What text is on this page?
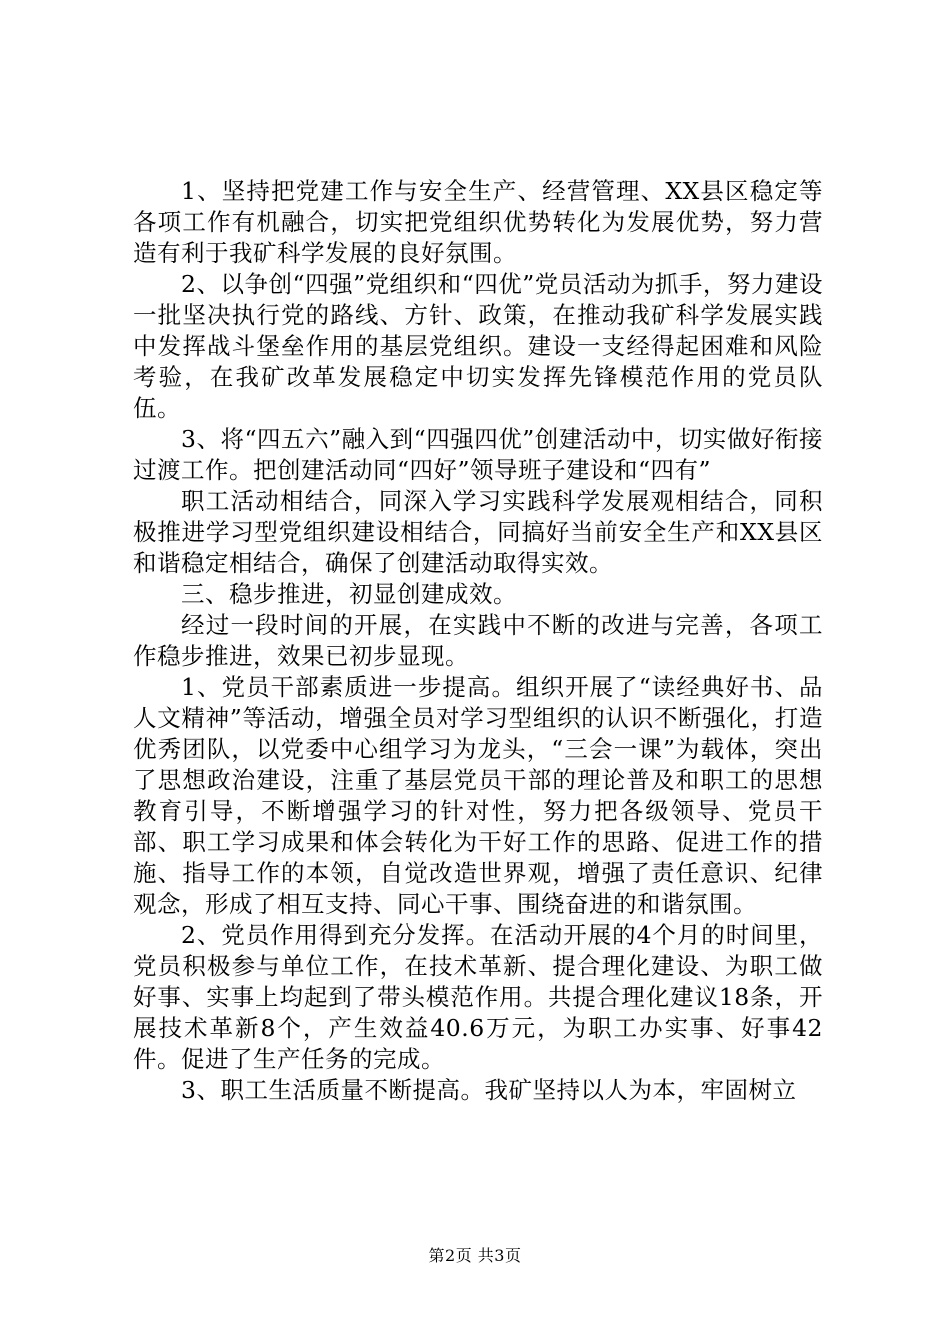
1、坚持把党建工作与安全生产、经营管理、XX县区稳定等各项工作有机融合，切实把党组织优势转化为发展优势，努力营造有利于我矿科学发展的良好氛围。

2、以争创“四强”党组织和“四优”党员活动为抓手，努力建设一批坚决执行党的路线、方针、政策，在推动我矿科学发展实践中发挥战斗堡垒作用的基层党组织。建设一支经得起困难和风险考验，在我矿改革发展稳定中切实发挥先锋模范作用的党员队伍。

3、将“四五六”融入到“四强四优”创建活动中，切实做好衔接过渡工作。把创建活动同“四好”领导班子建设和“四有”

职工活动相结合，同深入学习实践科学发展观相结合，同积极推进学习型党组织建设相结合，同搞好当前安全生产和XX县区和谐稳定相结合，确保了创建活动取得实效。

三、稳步推进，初显创建成效。

经过一段时间的开展，在实践中不断的改进与完善，各项工作稳步推进，效果已初步显现。

1、党员干部素质进一步提高。组织开展了“读经典好书、品人文精神”等活动，增强全员对学习型组织的认识不断强化，打造优秀团队，以党委中心组学习为龙头，“三会一课”为载体，突出了思想政治建设，注重了基层党员干部的理论普及和职工的思想教育引导，不断增强学习的针对性，努力把各级领导、党员干部、职工学习成果和体会转化为干好工作的思路、促进工作的措施、指导工作的本领，自觉改造世界观，增强了责任意识、纪律观念，形成了相互支持、同心干事、围绕奋进的和谐氛围。

2、党员作用得到充分发挥。在活动开展的4个月的时间里，党员积极参与单位工作，在技术革新、提合理化建设、为职工做好事、实事上均起到了带头模范作用。共提合理化建议18条，开展技术革新8个，产生效益40.6万元，为职工办实事、好事42件。促进了生产任务的完成。

3、职工生活质量不断提高。我矿坚持以人为本，牢固树立

第2页 共3页
